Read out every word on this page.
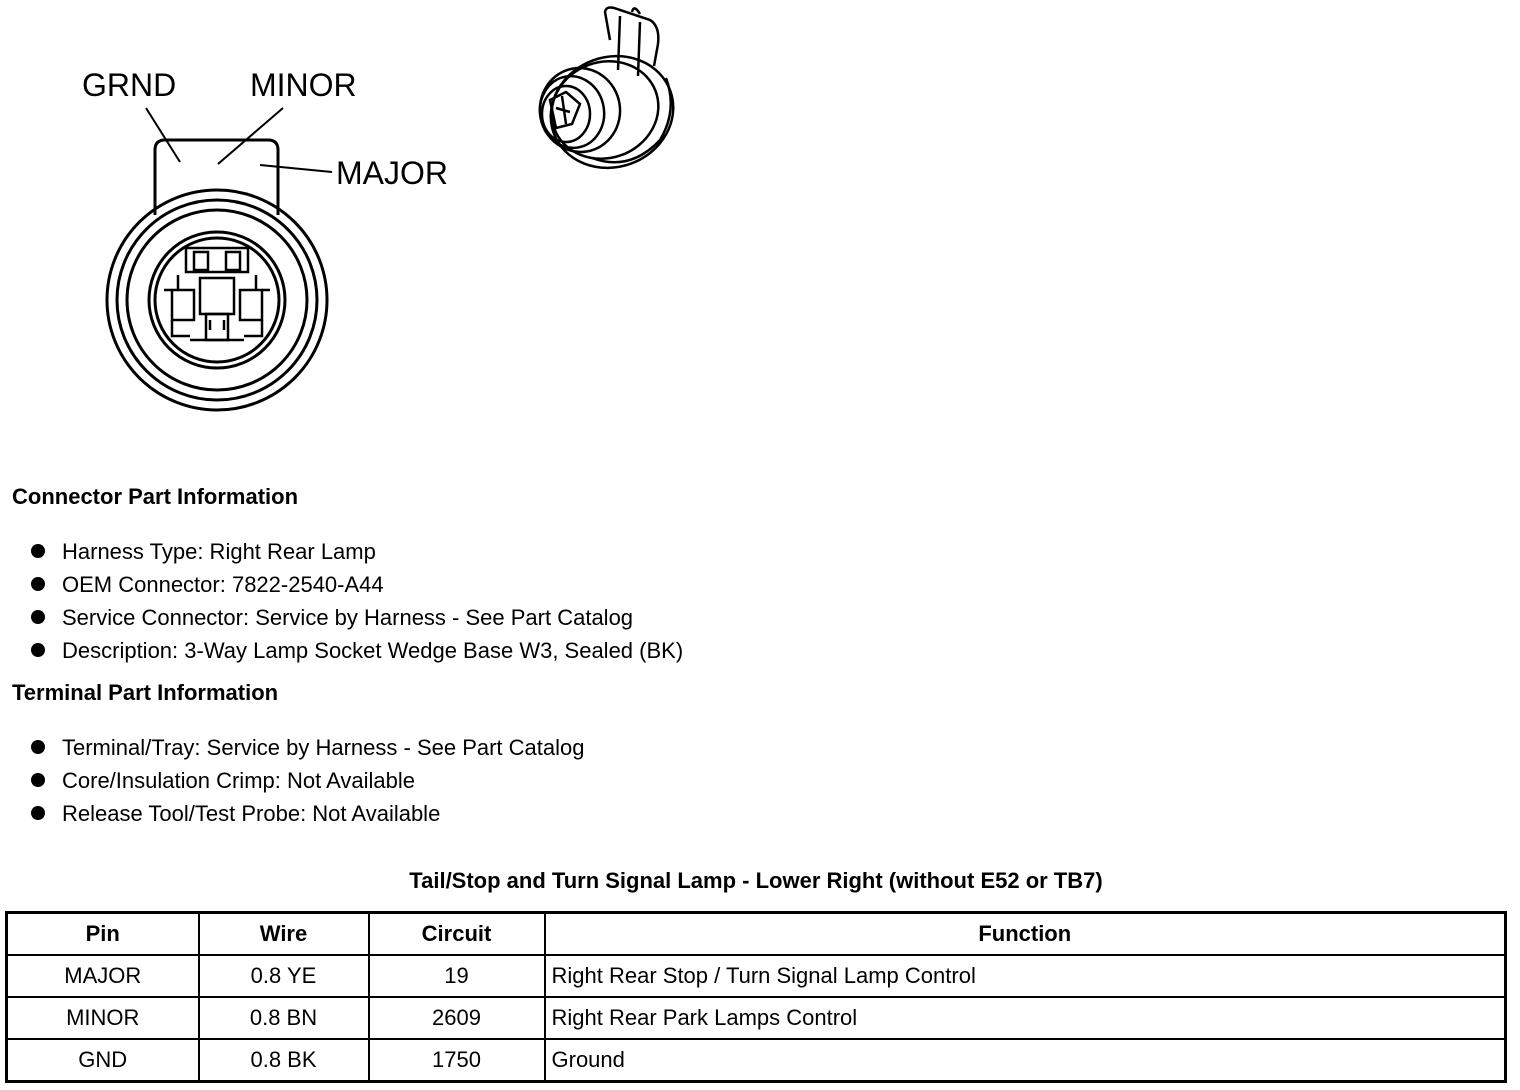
GRND MINOR
MAJOR
Connector Part Information
Harness Type: Right Rear Lamp
OEM Connector: 7822-2540-A44
Service Connector: Service by Harness - See Part Catalog
Description: 3-Way Lamp Socket Wedge Base W3, Sealed (BK)
Terminal Part Information
Terminal/Tray: Service by Harness - See Part Catalog
Core/Insulation Crimp: Not Available
Release Tool/Test Probe: Not Available
Tail/Stop and Turn Signal Lamp - Lower Right (without E52 or TB7)
Pin	Wire	Circuit	Function
MAJOR	0.8 YE	19	Right Rear Stop / Turn Signal Lamp Control
MINOR	0.8 BN	2609	Right Rear Park Lamps Control
GND	0.8 BK	1750	Ground
